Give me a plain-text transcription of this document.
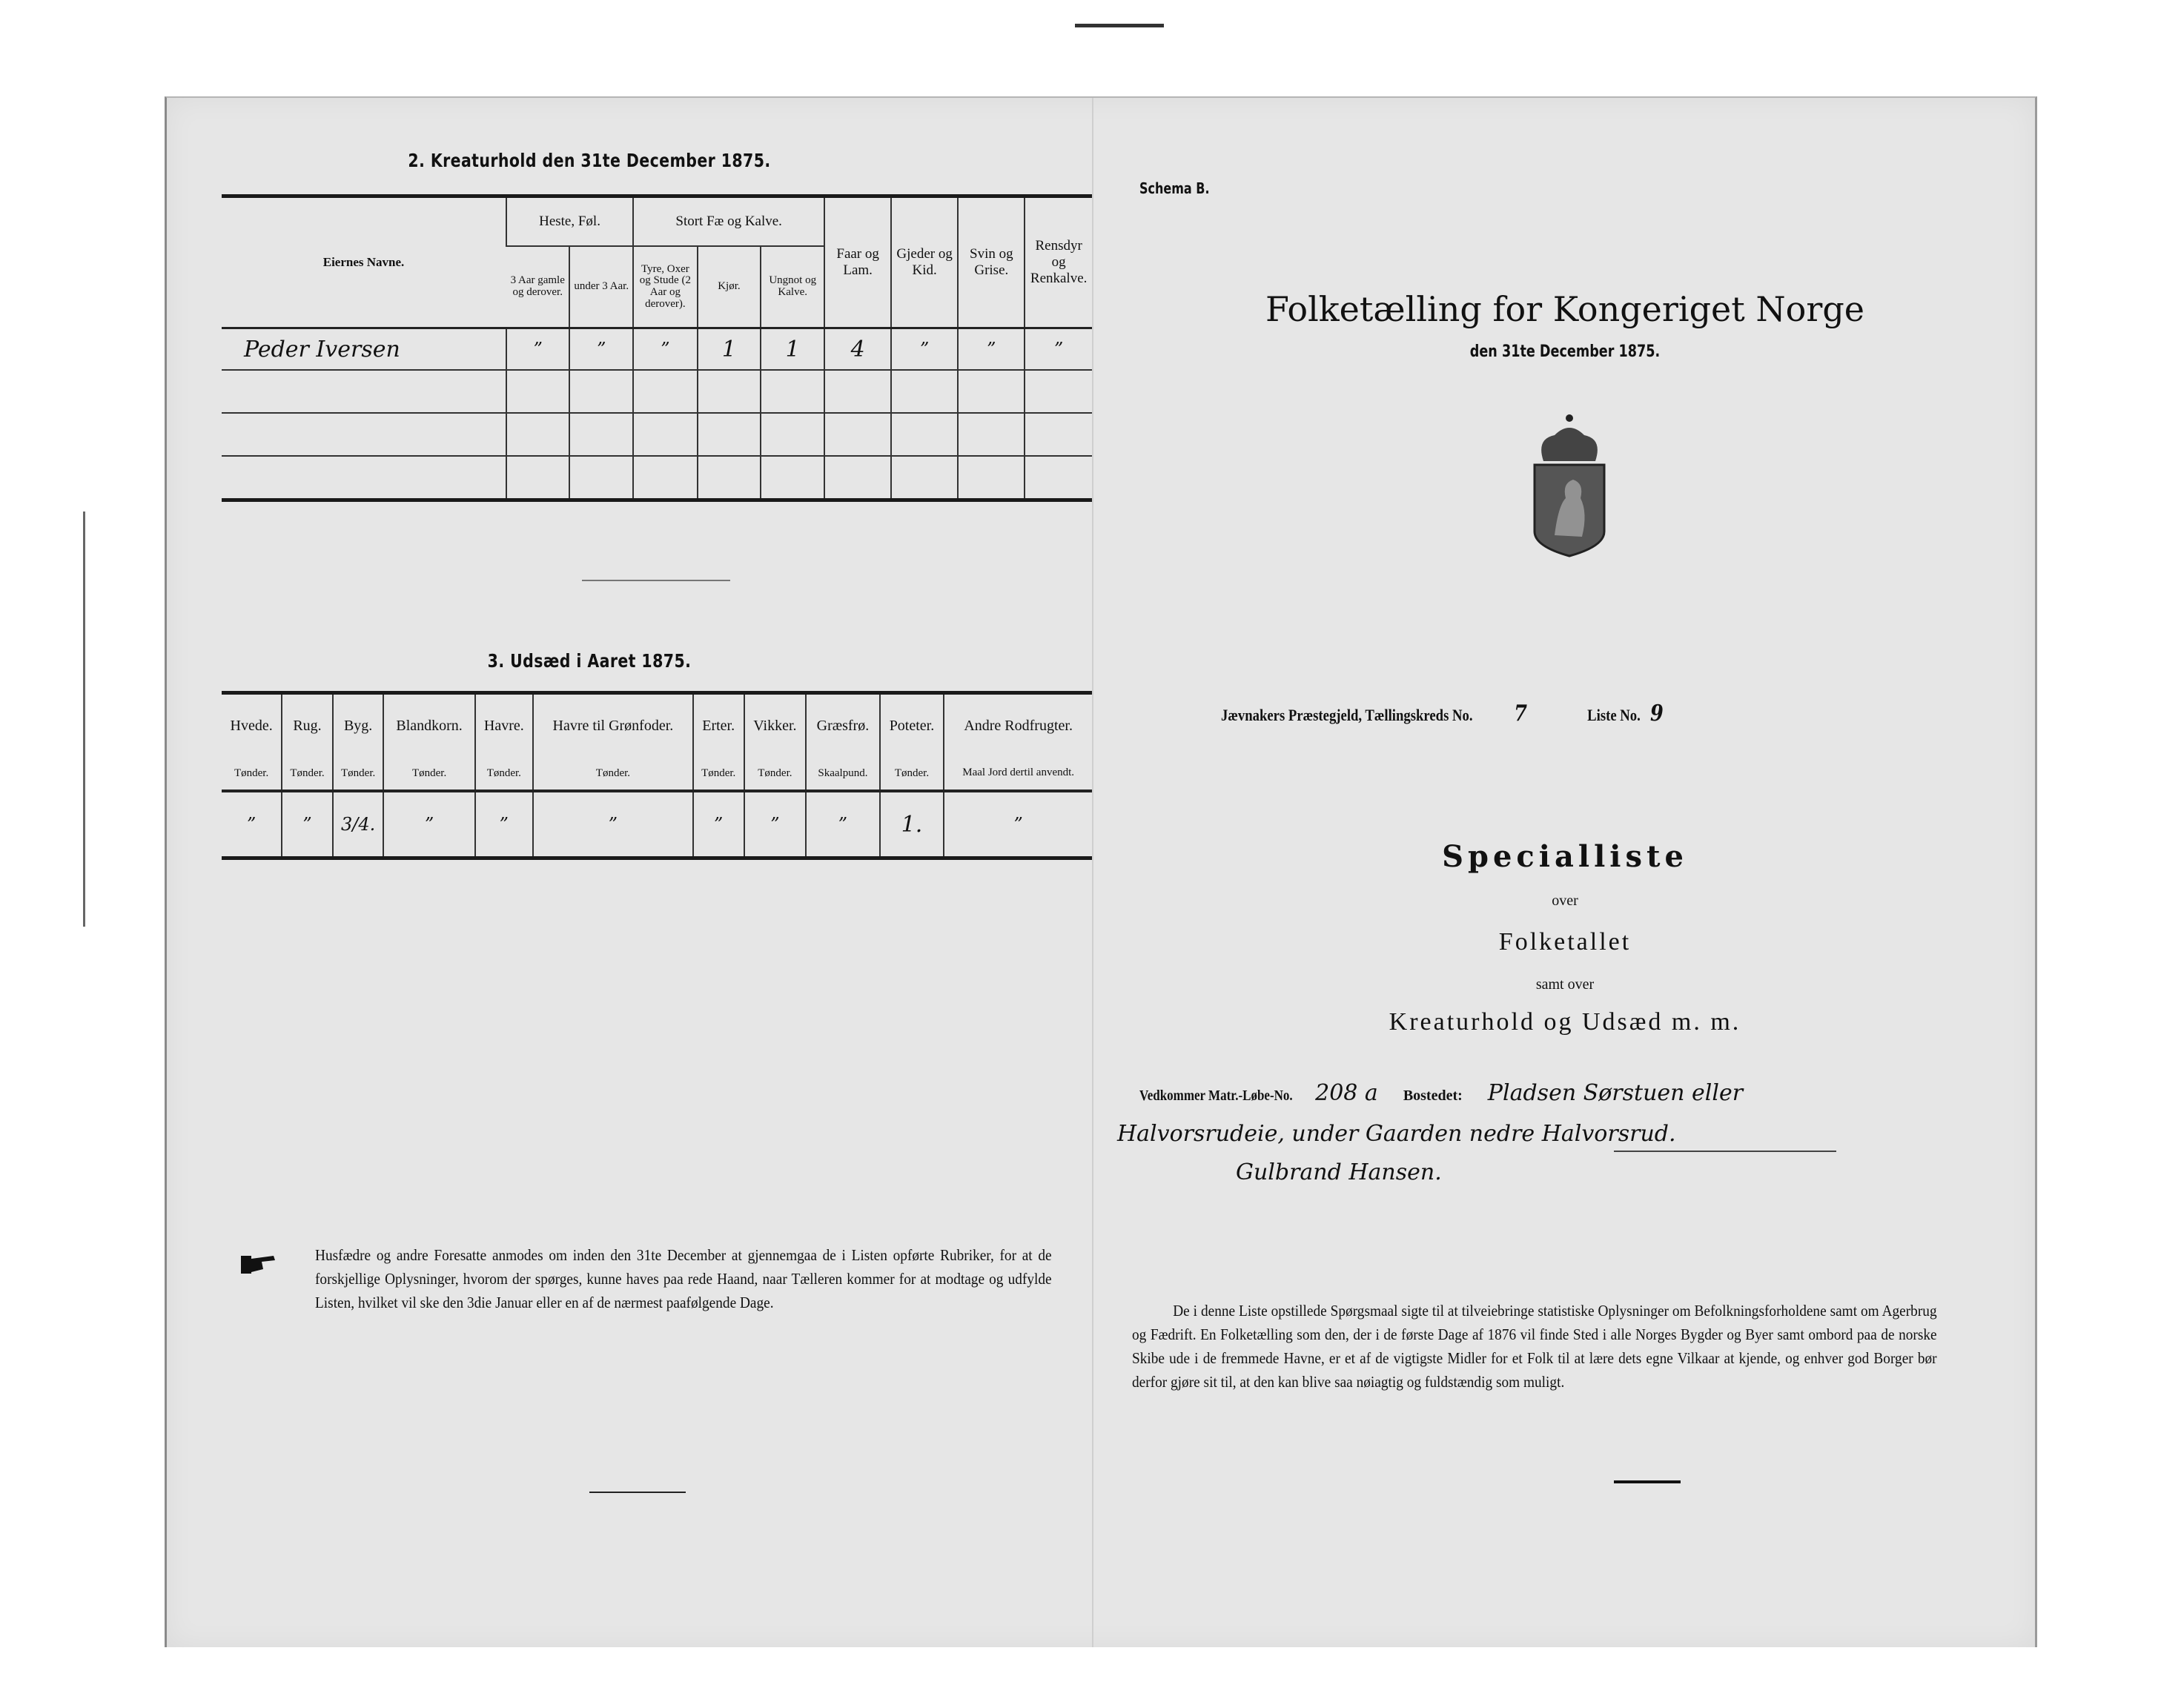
2. Kreaturhold den 31te December 1875.
Eiernes Navne.	Heste, Føl.		Stort Fæ og Kalve.			Faar og Lam.	Gjeder og Kid.	Svin og Grise.	Rensdyr og Renkalve.
	3 Aar gamle og derover.	under 3 Aar.	Tyre, Oxer og Stude (2 Aar og derover).	Kjør.	Ungnot og Kalve.				
Peder Iversen	”	”	”	1	1	4	”	”	”

3. Udsæd i Aaret 1875.
Hvede.	Rug.	Byg.	Blandkorn.	Havre.	Havre til Grønfoder.	Erter.	Vikker.	Græsfrø.	Poteter.	Andre Rodfrugter.
Tønder.	Tønder.	Tønder.	Tønder.	Tønder.	Tønder.	Tønder.	Tønder.	Skaalpund.	Tønder.	Maal Jord dertil anvendt.
”	”	3/4.	”	”	”	”	”	”	1.	”
Husfædre og andre Foresatte anmodes om inden den 31te December at gjennemgaa de i Listen opførte Rubriker, for at de forskjellige Oplysninger, hvorom der spørges, kunne haves paa rede Haand, naar Tælleren kommer for at modtage og udfylde Listen, hvilket vil ske den 3die Januar eller en af de nærmest paafølgende Dage.
Schema B.
Folketælling for Kongeriget Norge
den 31te December 1875.
Jævnakers Præstegjeld, Tællingskreds No. 7	Liste No. 9
Specialliste
over
Folketallet
samt over
Kreaturhold og Udsæd m. m.
Vedkommer Matr.-Løbe-No. 208 a Bostedet: Pladsen Sørstuen eller
Halvorsrudeie, under Gaarden nedre Halvorsrud.
Gulbrand Hansen.
De i denne Liste opstillede Spørgsmaal sigte til at tilveiebringe statistiske Oplysninger om Befolkningsforholdene samt om Agerbrug og Fædrift. En Folketælling som den, der i de første Dage af 1876 vil finde Sted i alle Norges Bygder og Byer samt ombord paa de norske Skibe ude i de fremmede Havne, er et af de vigtigste Midler for et Folk til at lære dets egne Vilkaar at kjende, og enhver god Borger bør derfor gjøre sit til, at den kan blive saa nøiagtig og fuldstændig som muligt.
